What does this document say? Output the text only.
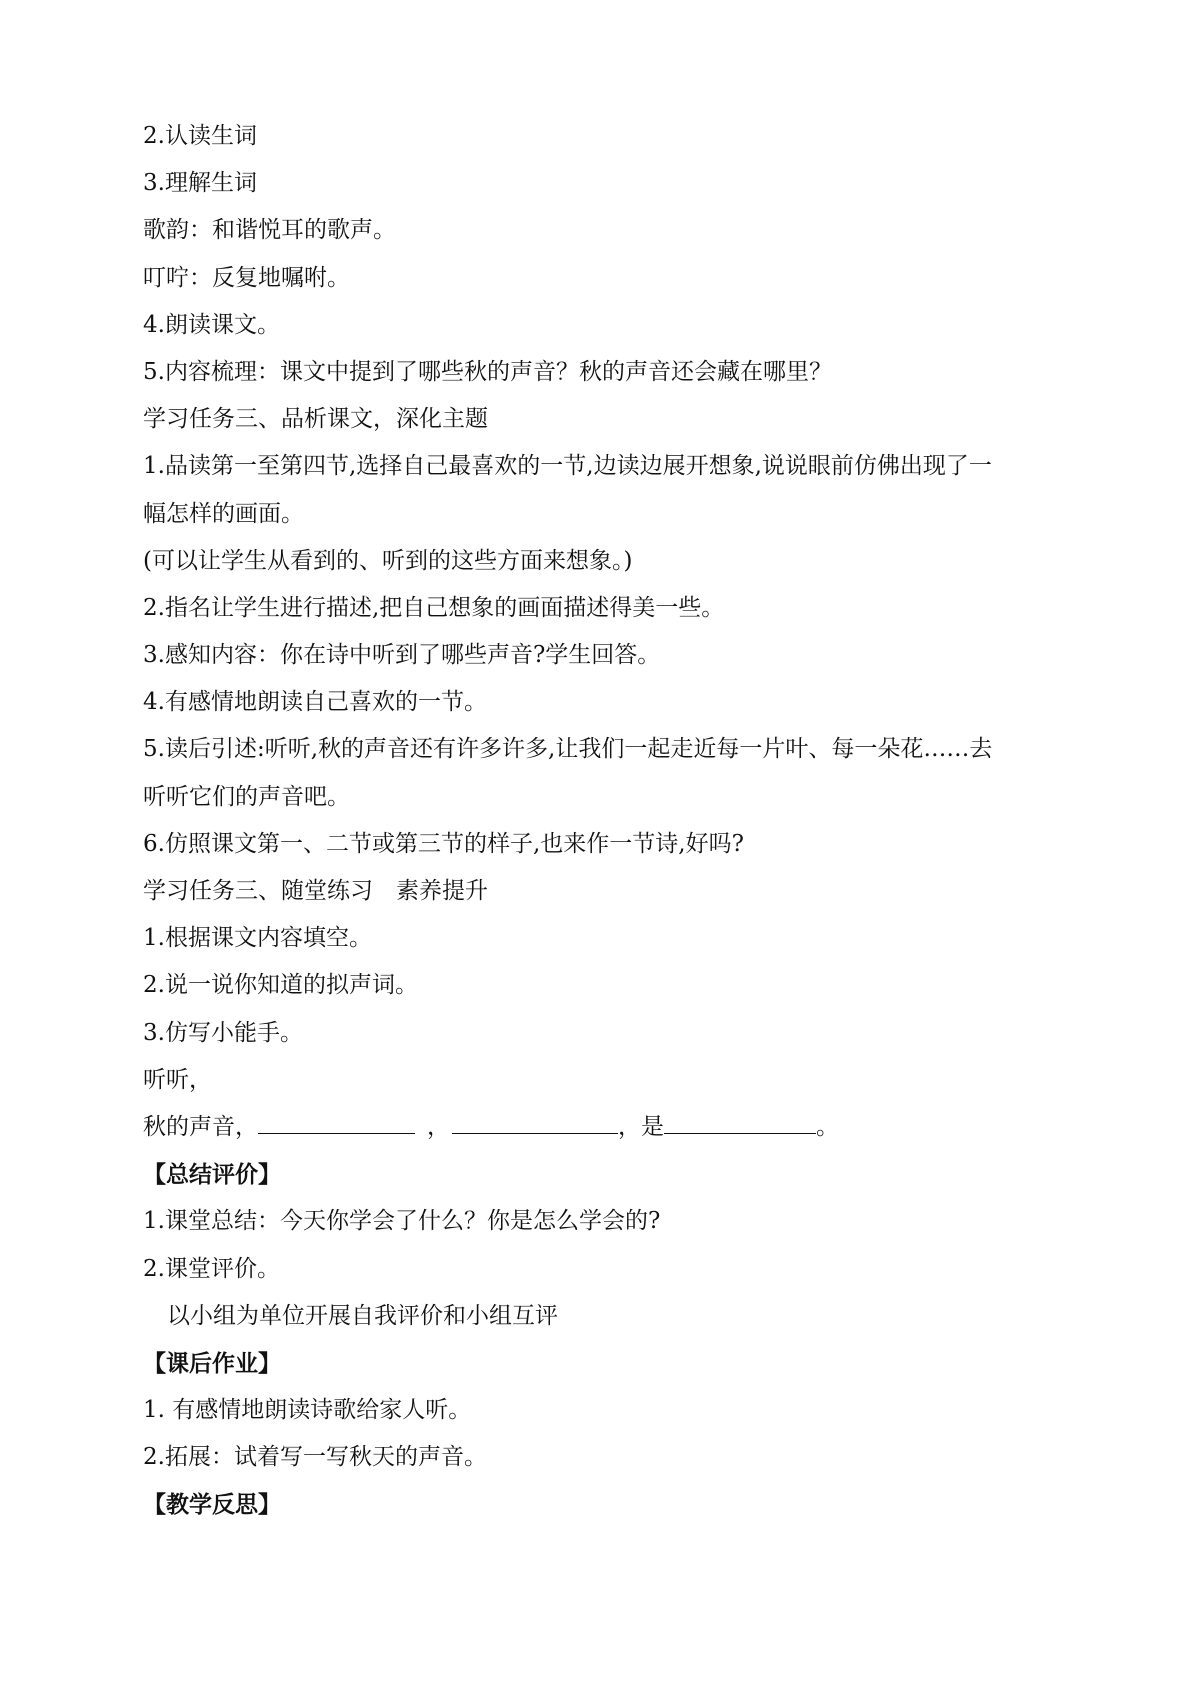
2.认读生词
3.理解生词
歌韵：和谐悦耳的歌声。
叮咛：反复地嘱咐。
4.朗读课文。
5.内容梳理：课文中提到了哪些秋的声音？秋的声音还会藏在哪里？
学习任务三、品析课文，深化主题
1.品读第一至第四节,选择自己最喜欢的一节,边读边展开想象,说说眼前仿佛出现了一
幅怎样的画面。
(可以让学生从看到的、听到的这些方面来想象。)
2.指名让学生进行描述,把自己想象的画面描述得美一些。
3.感知内容：你在诗中听到了哪些声音?学生回答。
4.有感情地朗读自己喜欢的一节。
5.读后引述:听听,秋的声音还有许多许多,让我们一起走近每一片叶、每一朵花……去
听听它们的声音吧。
6.仿照课文第一、二节或第三节的样子,也来作一节诗,好吗?
学习任务三、随堂练习　素养提升
1.根据课文内容填空。
2.说一说你知道的拟声词。
3.仿写小能手。
听听，
秋的声音，	，	，是	。
【总结评价】
1.课堂总结：今天你学会了什么？你是怎么学会的?
2.课堂评价。
以小组为单位开展自我评价和小组互评
【课后作业】
1. 有感情地朗读诗歌给家人听。
2.拓展：试着写一写秋天的声音。
【教学反思】
